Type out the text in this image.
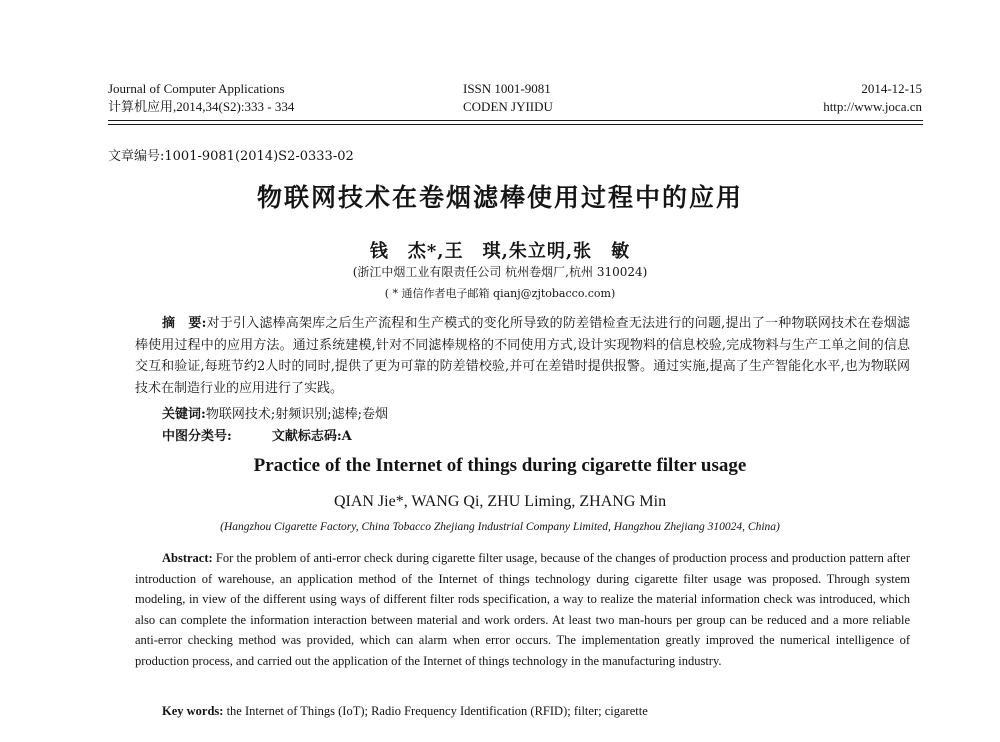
Journal of Computer Applications
计算机应用,2014,34(S2):333 - 334
ISSN 1001-9081
CODEN JYIIDU
2014-12-15
http://www.joca.cn
文章编号:1001-9081(2014)S2-0333-02
物联网技术在卷烟滤棒使用过程中的应用
钱　杰*,王　琪,朱立明,张　敏
(浙江中烟工业有限责任公司 杭州卷烟厂,杭州 310024)
( * 通信作者电子邮箱 qianj@zjtobacco.com)
摘　要:对于引入滤棒高架库之后生产流程和生产模式的变化所导致的防差错检查无法进行的问题,提出了一种物联网技术在卷烟滤棒使用过程中的应用方法。通过系统建模,针对不同滤棒规格的不同使用方式,设计实现物料的信息校验,完成物料与生产工单之间的信息交互和验证,每班节约2人时的同时,提供了更为可靠的防差错校验,并可在差错时提供报警。通过实施,提高了生产智能化水平,也为物联网技术在制造行业的应用进行了实践。
关键词:物联网技术;射频识别;滤棒;卷烟
中图分类号:	文献标志码:A
Practice of the Internet of things during cigarette filter usage
QIAN Jie*, WANG Qi, ZHU Liming, ZHANG Min
(Hangzhou Cigarette Factory, China Tobacco Zhejiang Industrial Company Limited, Hangzhou Zhejiang 310024, China)
Abstract: For the problem of anti-error check during cigarette filter usage, because of the changes of production process and production pattern after introduction of warehouse, an application method of the Internet of things technology during cigarette filter usage was proposed. Through system modeling, in view of the different using ways of different filter rods specification, a way to realize the material information check was introduced, which also can complete the information interaction between material and work orders. At least two man-hours per group can be reduced and a more reliable anti-error checking method was provided, which can alarm when error occurs. The implementation greatly improved the numerical intelligence of production process, and carried out the application of the Internet of things technology in the manufacturing industry.
Key words: the Internet of Things (IoT); Radio Frequency Identification (RFID); filter; cigarette
